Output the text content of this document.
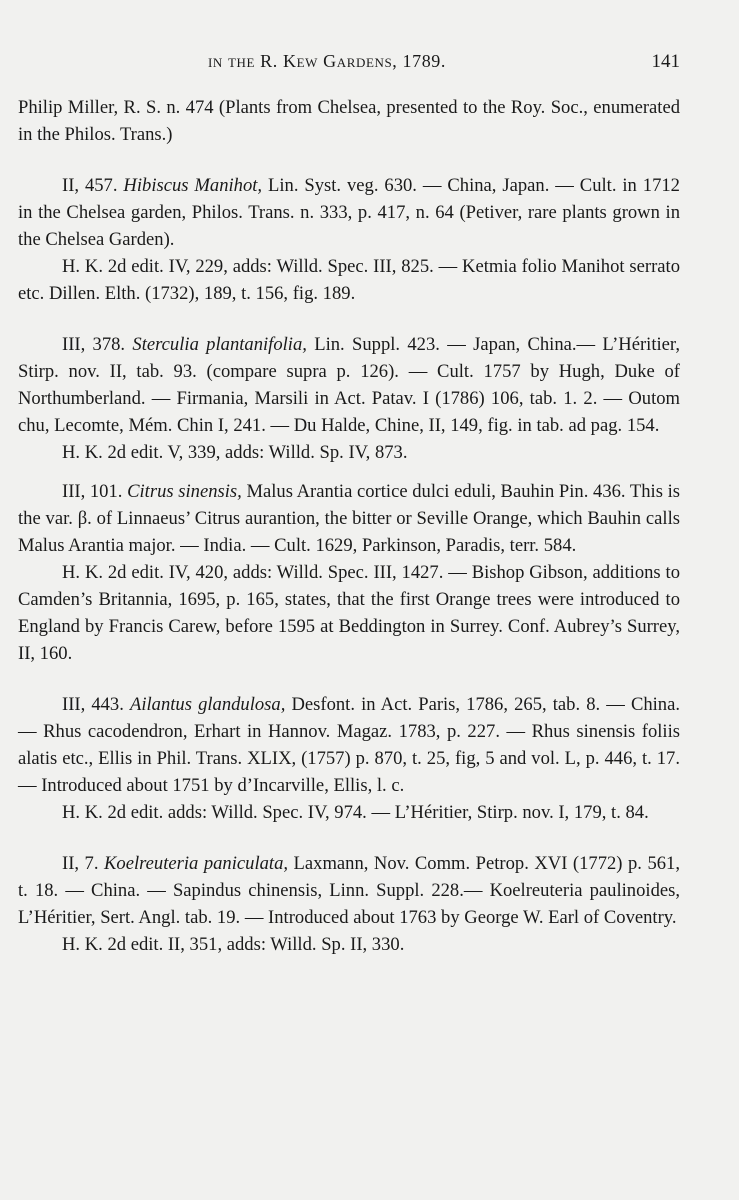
in the R. Kew Gardens, 1789.	141

Philip Miller, R. S. n. 474 (Plants from Chelsea, presented to the Roy. Soc., enumerated in the Philos. Trans.)

II, 457. Hibiscus Manihot, Lin. Syst. veg. 630. — China, Japan. — Cult. in 1712 in the Chelsea garden, Philos. Trans. n. 333, p. 417, n. 64 (Petiver, rare plants grown in the Chelsea Garden).

H. K. 2d edit. IV, 229, adds: Willd. Spec. III, 825. — Ketmia folio Manihot serrato etc. Dillen. Elth. (1732), 189, t. 156, fig. 189.

III, 378. Sterculia plantanifolia, Lin. Suppl. 423. — Japan, China.— L’Héritier, Stirp. nov. II, tab. 93. (compare supra p. 126). — Cult. 1757 by Hugh, Duke of Northumberland. — Firmania, Marsili in Act. Patav. I (1786) 106, tab. 1. 2. — Outom chu, Lecomte, Mém. Chin I, 241. — Du Halde, Chine, II, 149, fig. in tab. ad pag. 154.

H. K. 2d edit. V, 339, adds: Willd. Sp. IV, 873.

III, 101. Citrus sinensis, Malus Arantia cortice dulci eduli, Bauhin Pin. 436. This is the var. β. of Linnaeus’ Citrus aurantion, the bitter or Seville Orange, which Bauhin calls Malus Arantia major. — India. — Cult. 1629, Parkinson, Paradis, terr. 584.

H. K. 2d edit. IV, 420, adds: Willd. Spec. III, 1427. — Bishop Gibson, additions to Camden’s Britannia, 1695, p. 165, states, that the first Orange trees were introduced to England by Francis Carew, before 1595 at Beddington in Surrey. Conf. Aubrey’s Surrey, II, 160.

III, 443. Ailantus glandulosa, Desfont. in Act. Paris, 1786, 265, tab. 8. — China. — Rhus cacodendron, Erhart in Hannov. Magaz. 1783, p. 227. — Rhus sinensis foliis alatis etc., Ellis in Phil. Trans. XLIX, (1757) p. 870, t. 25, fig, 5 and vol. L, p. 446, t. 17. — Introduced about 1751 by d’Incarville, Ellis, l. c.

H. K. 2d edit. adds: Willd. Spec. IV, 974. — L’Héritier, Stirp. nov. I, 179, t. 84.

II, 7. Koelreuteria paniculata, Laxmann, Nov. Comm. Petrop. XVI (1772) p. 561, t. 18. — China. — Sapindus chinensis, Linn. Suppl. 228.— Koelreuteria paulinoides, L’Héritier, Sert. Angl. tab. 19. — Introduced about 1763 by George W. Earl of Coventry.

H. K. 2d edit. II, 351, adds: Willd. Sp. II, 330.
